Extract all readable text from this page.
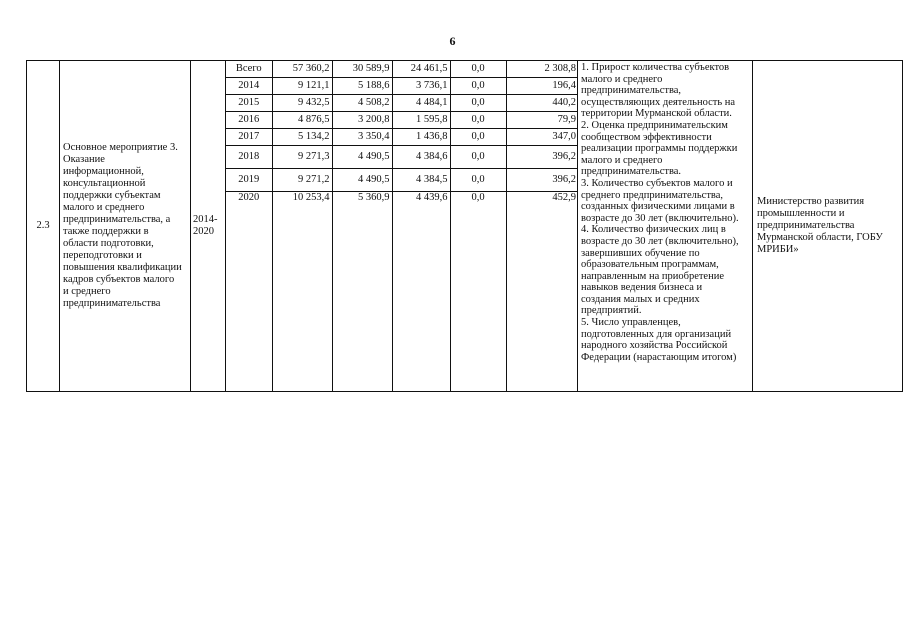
6
2.3	
Основное мероприятие 3.
Оказание
информационной,
консультационной
поддержки субъектам
малого и среднего
предпринимательства, а
также поддержки в
области подготовки,
переподготовки и
повышения квалификации
кадров субъектов малого
и среднего
предпринимательства

2014-
2020

Всего	57 360,2	30 589,9	24 461,5	0,0	2 308,8
2014	9 121,1	5 188,6	3 736,1	0,0	196,4
2015	9 432,5	4 508,2	4 484,1	0,0	440,2
2016	4 876,5	3 200,8	1 595,8	0,0	79,9
2017	5 134,2	3 350,4	1 436,8	0,0	347,0
2018	9 271,3	4 490,5	4 384,6	0,0	396,2
2019	9 271,2	4 490,5	4 384,5	0,0	396,2
2020	10 253,4	5 360,9	4 439,6	0,0	452,9

1. Прирост количества субъектов
малого и среднего
предпринимательства,
осуществляющих деятельность на
территории Мурманской области.
2. Оценка предпринимательским
сообществом эффективности
реализации программы поддержки
малого и среднего
предпринимательства.
3. Количество субъектов малого и
среднего предпринимательства,
созданных физическими лицами в
возрасте до 30 лет (включительно).
4. Количество физических лиц в
возрасте до 30 лет (включительно),
завершивших обучение по
образовательным программам,
направленным на приобретение
навыков ведения бизнеса и
создания малых и средних
предприятий.
5. Число управленцев,
подготовленных для организаций
народного хозяйства Российской
Федерации (нарастающим итогом)

Министерство развития
промышленности и
предпринимательства
Мурманской области, ГОБУ
МРИБИ»
